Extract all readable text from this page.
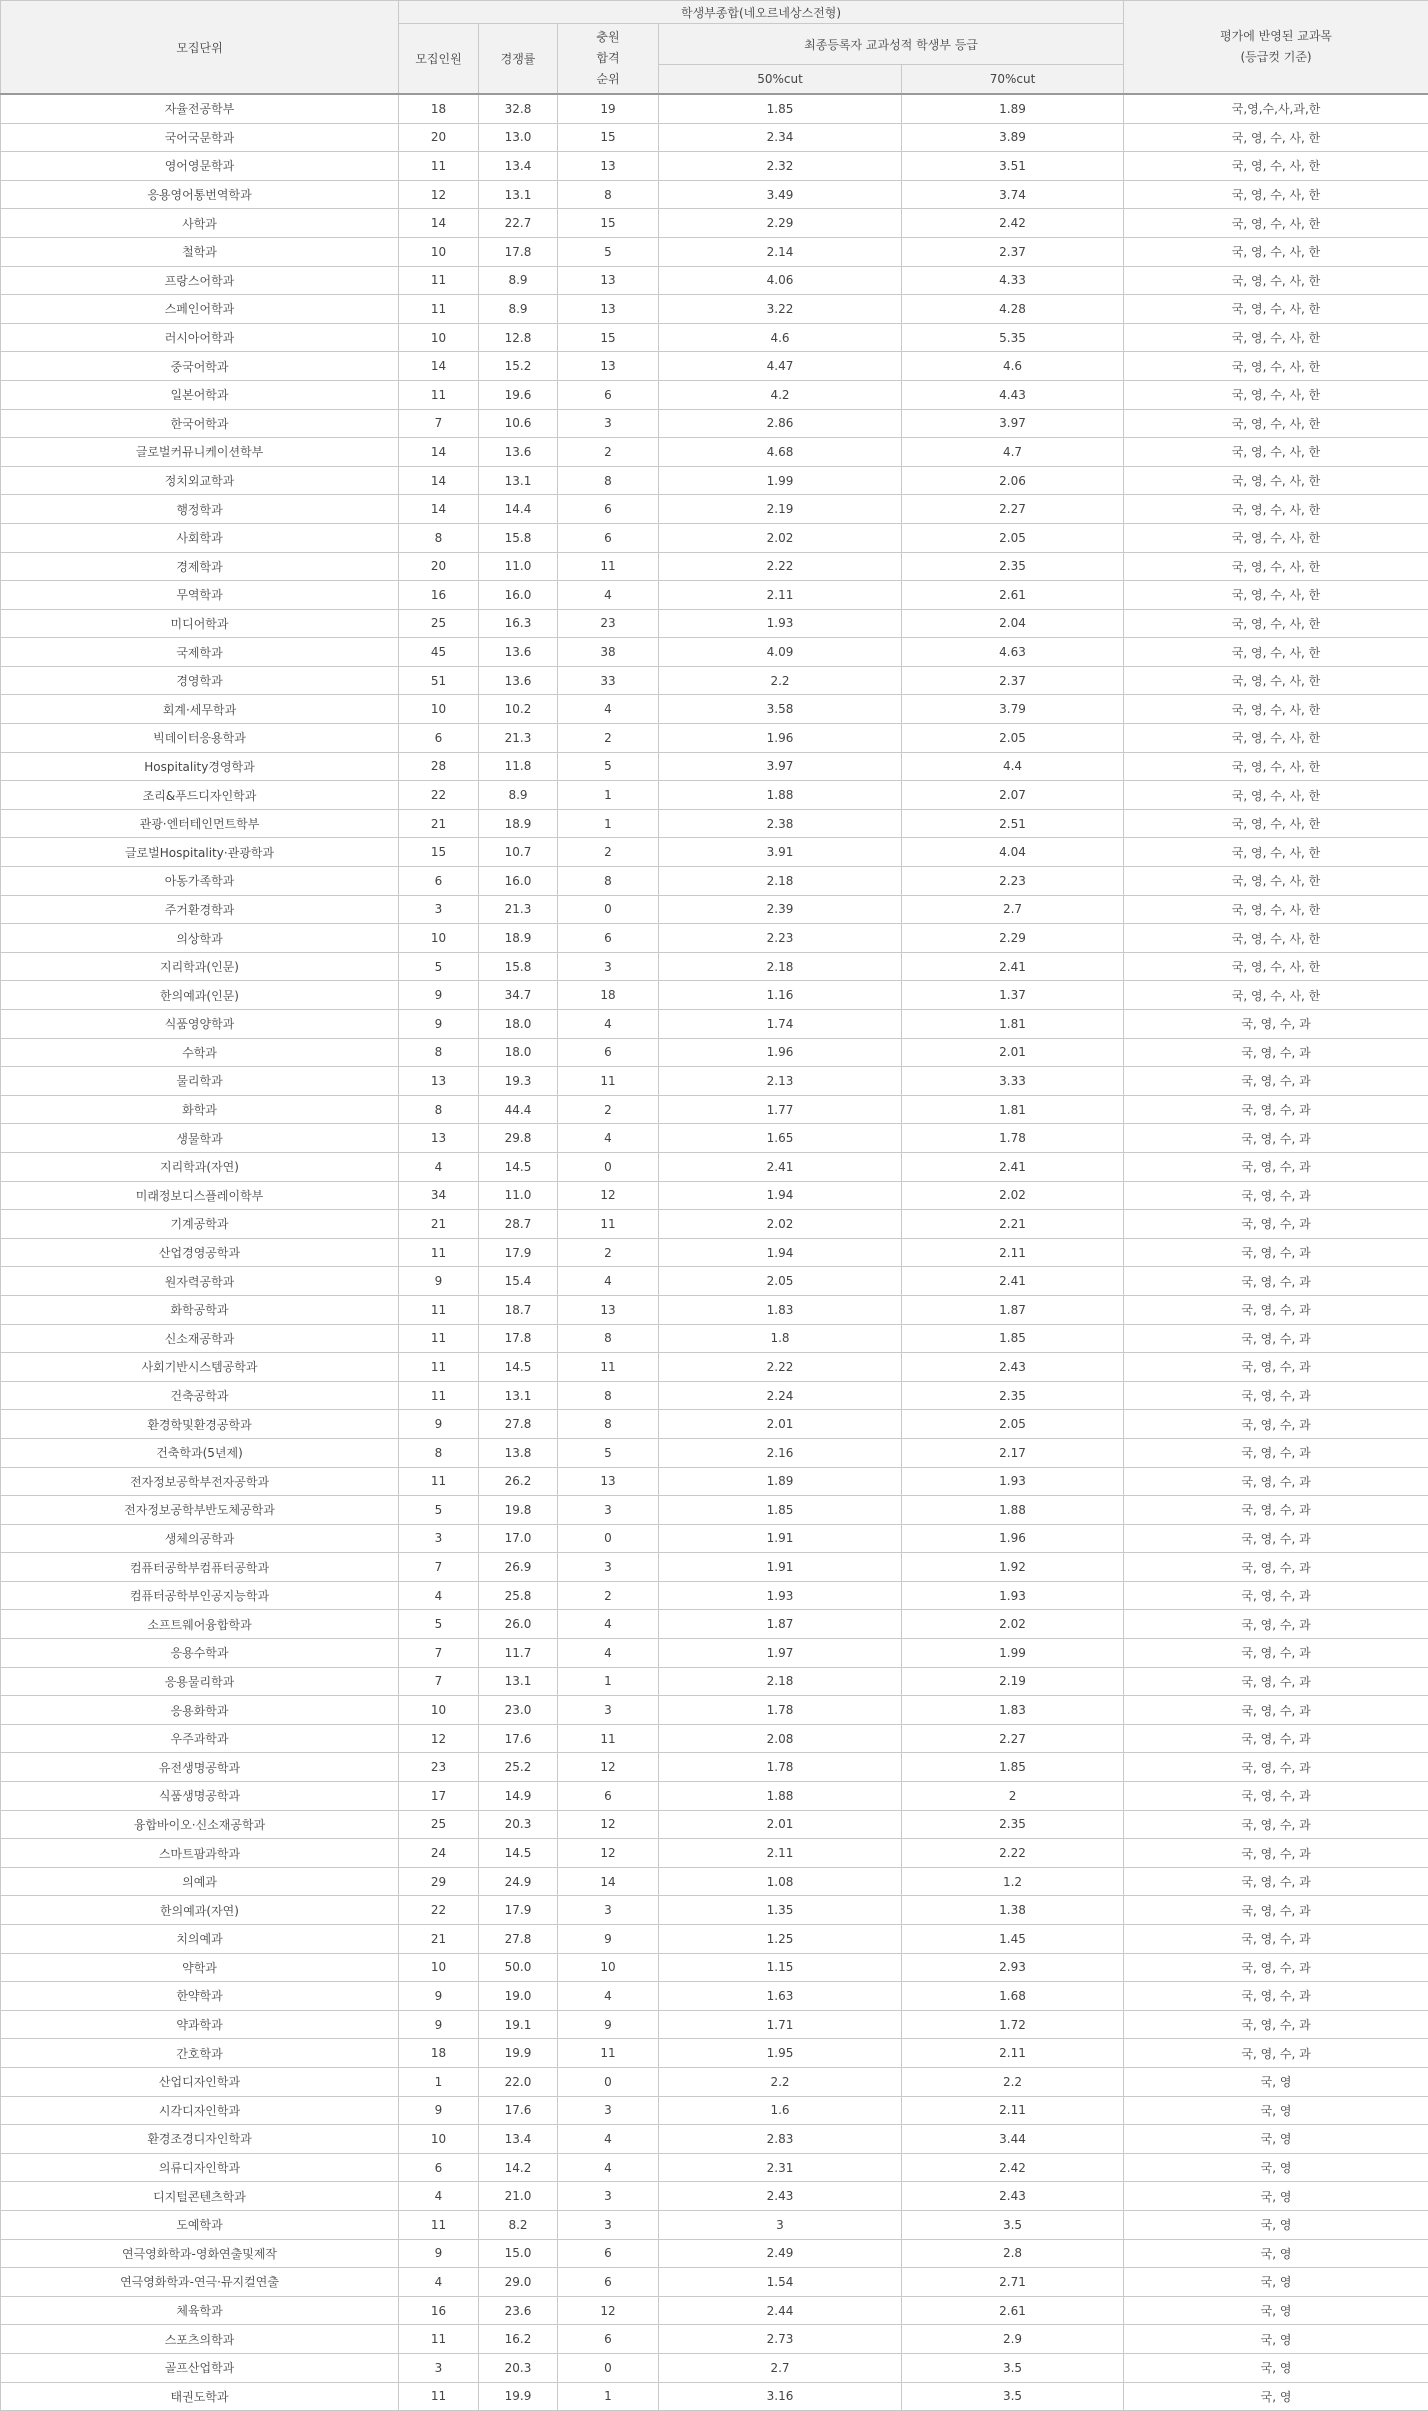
모집단위	학생부종합(네오르네상스전형)					평가에 반영된 교과목
(등급컷 기준)
	모집인원	경쟁률	충원
합격
순위	최종등록자 교과성적 학생부 등급		
				50%cut	70%cut	
자율전공학부	18	32.8	19	1.85	1.89	국,영,수,사,과,한
국어국문학과	20	13.0	15	2.34	3.89	국, 영, 수, 사, 한
영어영문학과	11	13.4	13	2.32	3.51	국, 영, 수, 사, 한
응용영어통번역학과	12	13.1	8	3.49	3.74	국, 영, 수, 사, 한
사학과	14	22.7	15	2.29	2.42	국, 영, 수, 사, 한
철학과	10	17.8	5	2.14	2.37	국, 영, 수, 사, 한
프랑스어학과	11	8.9	13	4.06	4.33	국, 영, 수, 사, 한
스페인어학과	11	8.9	13	3.22	4.28	국, 영, 수, 사, 한
러시아어학과	10	12.8	15	4.6	5.35	국, 영, 수, 사, 한
중국어학과	14	15.2	13	4.47	4.6	국, 영, 수, 사, 한
일본어학과	11	19.6	6	4.2	4.43	국, 영, 수, 사, 한
한국어학과	7	10.6	3	2.86	3.97	국, 영, 수, 사, 한
글로벌커뮤니케이션학부	14	13.6	2	4.68	4.7	국, 영, 수, 사, 한
정치외교학과	14	13.1	8	1.99	2.06	국, 영, 수, 사, 한
행정학과	14	14.4	6	2.19	2.27	국, 영, 수, 사, 한
사회학과	8	15.8	6	2.02	2.05	국, 영, 수, 사, 한
경제학과	20	11.0	11	2.22	2.35	국, 영, 수, 사, 한
무역학과	16	16.0	4	2.11	2.61	국, 영, 수, 사, 한
미디어학과	25	16.3	23	1.93	2.04	국, 영, 수, 사, 한
국제학과	45	13.6	38	4.09	4.63	국, 영, 수, 사, 한
경영학과	51	13.6	33	2.2	2.37	국, 영, 수, 사, 한
회계·세무학과	10	10.2	4	3.58	3.79	국, 영, 수, 사, 한
빅데이터응용학과	6	21.3	2	1.96	2.05	국, 영, 수, 사, 한
Hospitality경영학과	28	11.8	5	3.97	4.4	국, 영, 수, 사, 한
조리&푸드디자인학과	22	8.9	1	1.88	2.07	국, 영, 수, 사, 한
관광·엔터테인먼트학부	21	18.9	1	2.38	2.51	국, 영, 수, 사, 한
글로벌Hospitality·관광학과	15	10.7	2	3.91	4.04	국, 영, 수, 사, 한
아동가족학과	6	16.0	8	2.18	2.23	국, 영, 수, 사, 한
주거환경학과	3	21.3	0	2.39	2.7	국, 영, 수, 사, 한
의상학과	10	18.9	6	2.23	2.29	국, 영, 수, 사, 한
지리학과(인문)	5	15.8	3	2.18	2.41	국, 영, 수, 사, 한
한의예과(인문)	9	34.7	18	1.16	1.37	국, 영, 수, 사, 한
식품영양학과	9	18.0	4	1.74	1.81	국, 영, 수, 과
수학과	8	18.0	6	1.96	2.01	국, 영, 수, 과
물리학과	13	19.3	11	2.13	3.33	국, 영, 수, 과
화학과	8	44.4	2	1.77	1.81	국, 영, 수, 과
생물학과	13	29.8	4	1.65	1.78	국, 영, 수, 과
지리학과(자연)	4	14.5	0	2.41	2.41	국, 영, 수, 과
미래정보디스플레이학부	34	11.0	12	1.94	2.02	국, 영, 수, 과
기계공학과	21	28.7	11	2.02	2.21	국, 영, 수, 과
산업경영공학과	11	17.9	2	1.94	2.11	국, 영, 수, 과
원자력공학과	9	15.4	4	2.05	2.41	국, 영, 수, 과
화학공학과	11	18.7	13	1.83	1.87	국, 영, 수, 과
신소재공학과	11	17.8	8	1.8	1.85	국, 영, 수, 과
사회기반시스템공학과	11	14.5	11	2.22	2.43	국, 영, 수, 과
건축공학과	11	13.1	8	2.24	2.35	국, 영, 수, 과
환경학및환경공학과	9	27.8	8	2.01	2.05	국, 영, 수, 과
건축학과(5년제)	8	13.8	5	2.16	2.17	국, 영, 수, 과
전자정보공학부전자공학과	11	26.2	13	1.89	1.93	국, 영, 수, 과
전자정보공학부반도체공학과	5	19.8	3	1.85	1.88	국, 영, 수, 과
생체의공학과	3	17.0	0	1.91	1.96	국, 영, 수, 과
컴퓨터공학부컴퓨터공학과	7	26.9	3	1.91	1.92	국, 영, 수, 과
컴퓨터공학부인공지능학과	4	25.8	2	1.93	1.93	국, 영, 수, 과
소프트웨어융합학과	5	26.0	4	1.87	2.02	국, 영, 수, 과
응용수학과	7	11.7	4	1.97	1.99	국, 영, 수, 과
응용물리학과	7	13.1	1	2.18	2.19	국, 영, 수, 과
응용화학과	10	23.0	3	1.78	1.83	국, 영, 수, 과
우주과학과	12	17.6	11	2.08	2.27	국, 영, 수, 과
유전생명공학과	23	25.2	12	1.78	1.85	국, 영, 수, 과
식품생명공학과	17	14.9	6	1.88	2	국, 영, 수, 과
융합바이오·신소재공학과	25	20.3	12	2.01	2.35	국, 영, 수, 과
스마트팜과학과	24	14.5	12	2.11	2.22	국, 영, 수, 과
의예과	29	24.9	14	1.08	1.2	국, 영, 수, 과
한의예과(자연)	22	17.9	3	1.35	1.38	국, 영, 수, 과
치의예과	21	27.8	9	1.25	1.45	국, 영, 수, 과
약학과	10	50.0	10	1.15	2.93	국, 영, 수, 과
한약학과	9	19.0	4	1.63	1.68	국, 영, 수, 과
약과학과	9	19.1	9	1.71	1.72	국, 영, 수, 과
간호학과	18	19.9	11	1.95	2.11	국, 영, 수, 과
산업디자인학과	1	22.0	0	2.2	2.2	국, 영
시각디자인학과	9	17.6	3	1.6	2.11	국, 영
환경조경디자인학과	10	13.4	4	2.83	3.44	국, 영
의류디자인학과	6	14.2	4	2.31	2.42	국, 영
디지털콘텐츠학과	4	21.0	3	2.43	2.43	국, 영
도예학과	11	8.2	3	3	3.5	국, 영
연극영화학과-영화연출및제작	9	15.0	6	2.49	2.8	국, 영
연극영화학과-연극·뮤지컬연출	4	29.0	6	1.54	2.71	국, 영
체육학과	16	23.6	12	2.44	2.61	국, 영
스포츠의학과	11	16.2	6	2.73	2.9	국, 영
골프산업학과	3	20.3	0	2.7	3.5	국, 영
태권도학과	11	19.9	1	3.16	3.5	국, 영
